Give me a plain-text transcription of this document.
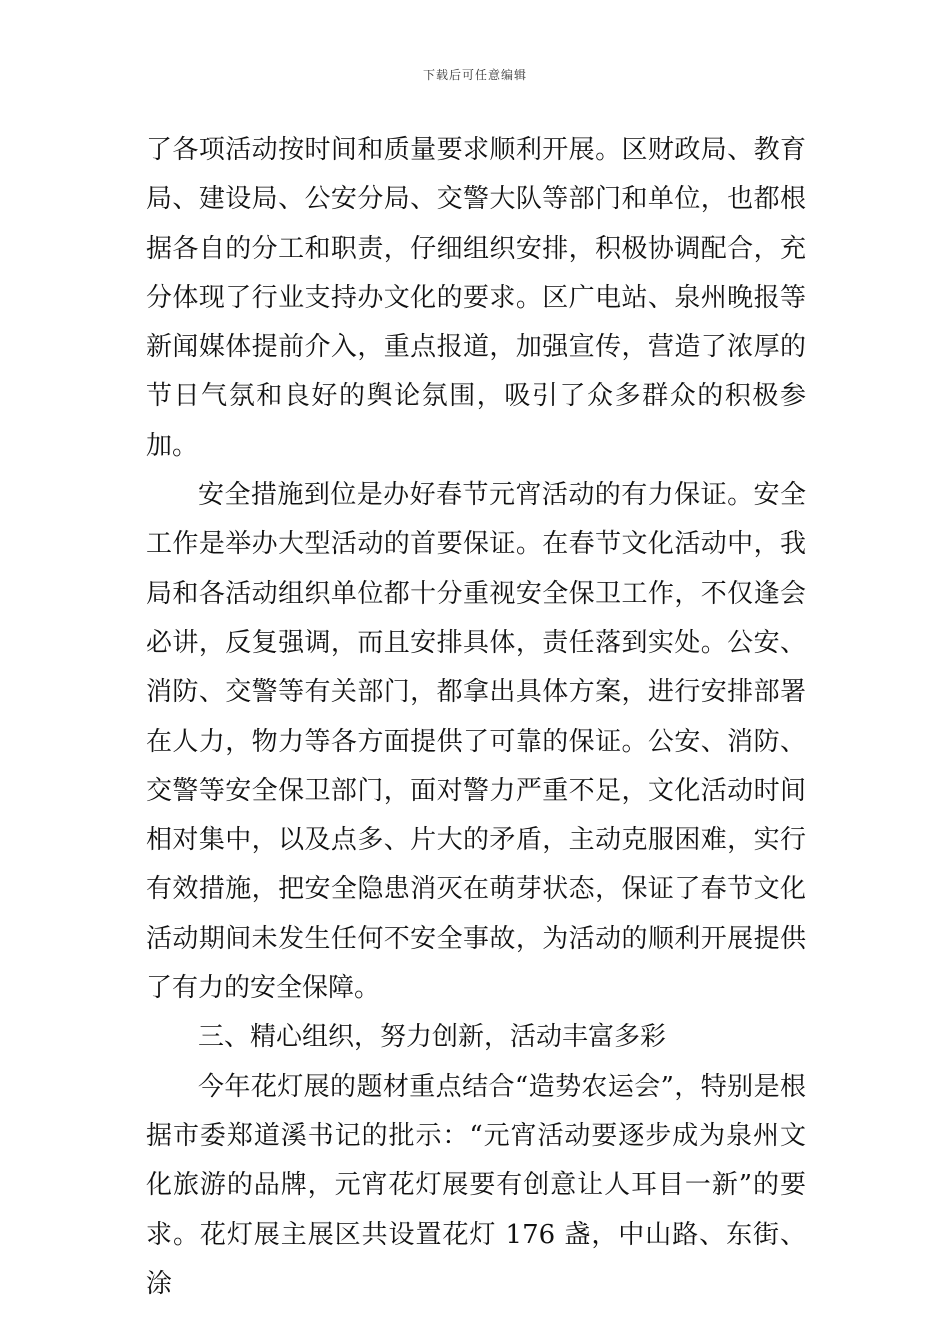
下载后可任意编辑

了各项活动按时间和质量要求顺利开展。区财政局、教育局、建设局、公安分局、交警大队等部门和单位，也都根据各自的分工和职责，仔细组织安排，积极协调配合，充分体现了行业支持办文化的要求。区广电站、泉州晚报等新闻媒体提前介入，重点报道，加强宣传，营造了浓厚的节日气氛和良好的舆论氛围，吸引了众多群众的积极参加。

安全措施到位是办好春节元宵活动的有力保证。安全工作是举办大型活动的首要保证。在春节文化活动中，我局和各活动组织单位都十分重视安全保卫工作，不仅逢会必讲，反复强调，而且安排具体，责任落到实处。公安、消防、交警等有关部门，都拿出具体方案，进行安排部署在人力，物力等各方面提供了可靠的保证。公安、消防、交警等安全保卫部门，面对警力严重不足，文化活动时间相对集中，以及点多、片大的矛盾，主动克服困难，实行有效措施，把安全隐患消灭在萌芽状态，保证了春节文化活动期间未发生任何不安全事故，为活动的顺利开展提供了有力的安全保障。

三、精心组织，努力创新，活动丰富多彩

今年花灯展的题材重点结合“造势农运会”，特别是根据市委郑道溪书记的批示：“元宵活动要逐步成为泉州文化旅游的品牌，元宵花灯展要有创意让人耳目一新”的要求。花灯展主展区共设置花灯 176 盏，中山路、东街、涂
